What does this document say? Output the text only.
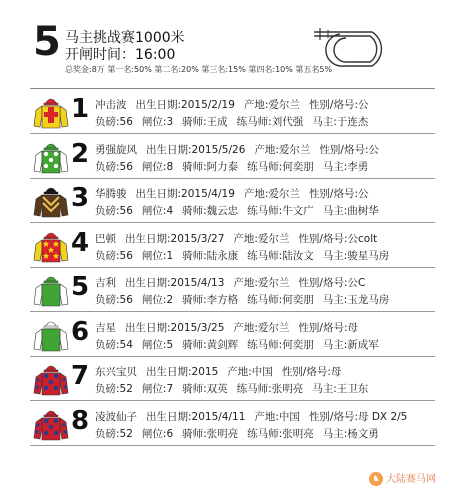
5 马主挑战赛1000米
开闸时间：16:00
总奖金:8万 第一名:50% 第二名:20% 第三名:15% 第四名:10% 第五名5%
1 冲击波 出生日期:2015/2/19 产地:爱尔兰 性别/烙号:公
负磅:56 闸位:3 骑师:王成 练马师:刘代强 马主:于连杰
2 勇强旋风 出生日期:2015/5/26 产地:爱尔兰 性别/烙号:公
负磅:56 闸位:8 骑师:阿力泰 练马师:何奕朋 马主:李勇
3 华腾骏 出生日期:2015/4/19 产地:爱尔兰 性别/烙号:公
负磅:56 闸位:4 骑师:魏云忠 练马师:牛文广 马主:曲树华
4 巴顿 出生日期:2015/3/27 产地:爱尔兰 性别/烙号:公colt
负磅:56 闸位:1 骑师:陆永康 练马师:陆汝文 马主:骏星马房
5 吉利 出生日期:2015/4/13 产地:爱尔兰 性别/烙号:公C
负磅:56 闸位:2 骑师:李方格 练马师:何奕朋 马主:玉龙马房
6 吉星 出生日期:2015/3/25 产地:爱尔兰 性别/烙号:母
负磅:54 闸位:5 骑师:黄剑辉 练马师:何奕朋 马主:新成军
7 东兴宝贝 出生日期:2015 产地:中国 性别/烙号:母
负磅:52 闸位:7 骑师:双英 练马师:张明亮 马主:王卫东
8 凌波仙子 出生日期:2015/4/11 产地:中国 性别/烙号:母 DX 2/5
负磅:52 闸位:6 骑师:张明亮 练马师:张明亮 马主:杨文勇
♞ 大陆赛马网
